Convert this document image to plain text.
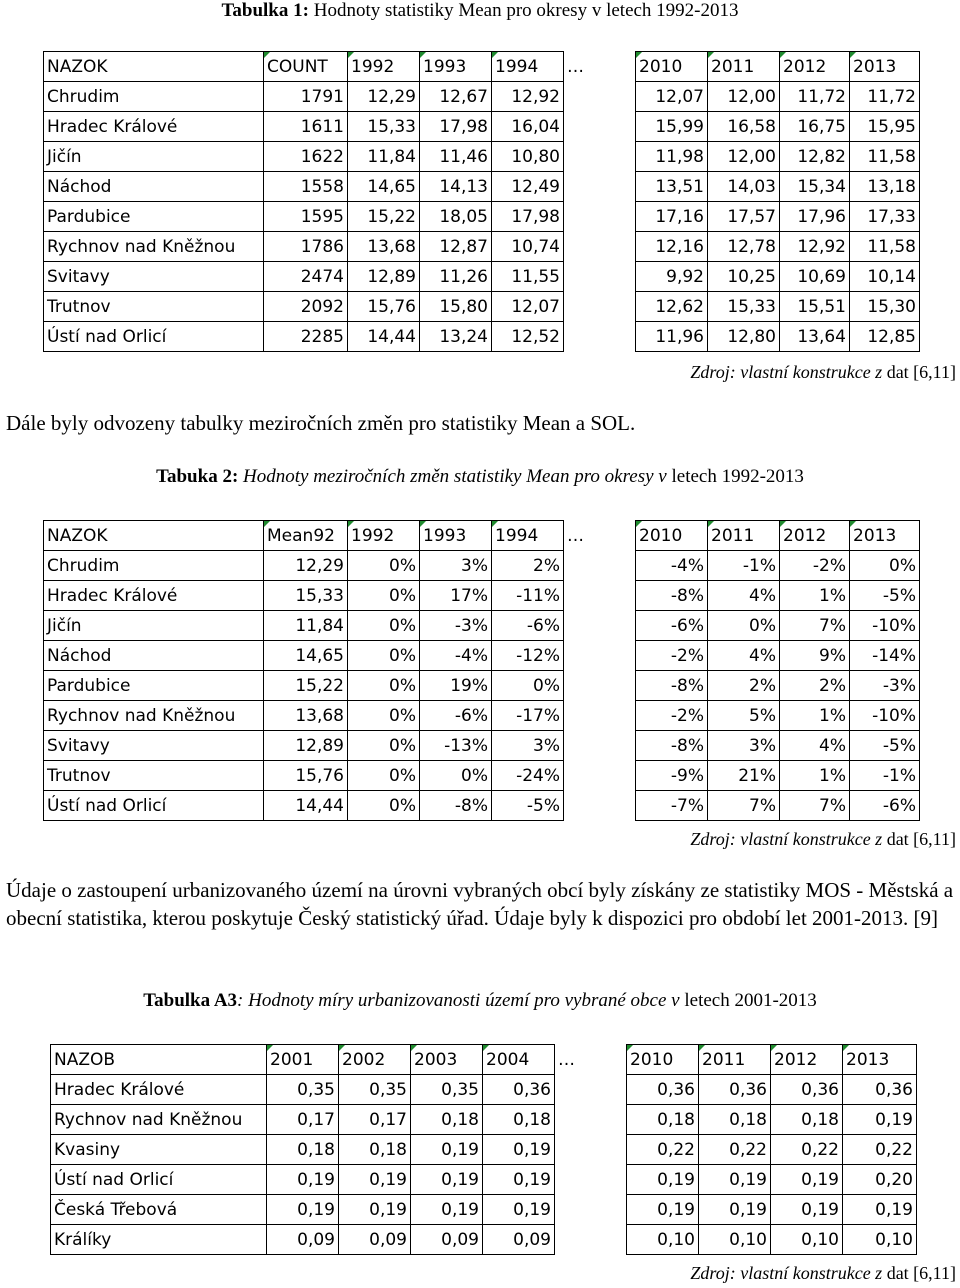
Tabulka 1: Hodnoty statistiky Mean pro okresy v letech 1992-2013
NAZOK	COUNT	1992	1993	1994	…	2010	2011	2012	2013
Chrudim	1791	12,29	12,67	12,92		12,07	12,00	11,72	11,72
Hradec Králové	1611	15,33	17,98	16,04		15,99	16,58	16,75	15,95
Jičín	1622	11,84	11,46	10,80		11,98	12,00	12,82	11,58
Náchod	1558	14,65	14,13	12,49		13,51	14,03	15,34	13,18
Pardubice	1595	15,22	18,05	17,98		17,16	17,57	17,96	17,33
Rychnov nad Kněžnou	1786	13,68	12,87	10,74		12,16	12,78	12,92	11,58
Svitavy	2474	12,89	11,26	11,55		9,92	10,25	10,69	10,14
Trutnov	2092	15,76	15,80	12,07		12,62	15,33	15,51	15,30
Ústí nad Orlicí	2285	14,44	13,24	12,52		11,96	12,80	13,64	12,85
Zdroj: vlastní konstrukce z dat [6,11]
Dále byly odvozeny tabulky meziročních změn pro statistiky Mean a SOL.
Tabuka 2: Hodnoty meziročních změn statistiky Mean pro okresy v letech 1992-2013
NAZOK	Mean92	1992	1993	1994	…	2010	2011	2012	2013
Chrudim	12,29	0%	3%	2%		-4%	-1%	-2%	0%
Hradec Králové	15,33	0%	17%	-11%		-8%	4%	1%	-5%
Jičín	11,84	0%	-3%	-6%		-6%	0%	7%	-10%
Náchod	14,65	0%	-4%	-12%		-2%	4%	9%	-14%
Pardubice	15,22	0%	19%	0%		-8%	2%	2%	-3%
Rychnov nad Kněžnou	13,68	0%	-6%	-17%		-2%	5%	1%	-10%
Svitavy	12,89	0%	-13%	3%		-8%	3%	4%	-5%
Trutnov	15,76	0%	0%	-24%		-9%	21%	1%	-1%
Ústí nad Orlicí	14,44	0%	-8%	-5%		-7%	7%	7%	-6%
Zdroj: vlastní konstrukce z dat [6,11]
Údaje o zastoupení urbanizovaného území na úrovni vybraných obcí byly získány ze statistiky MOS - Městská a obecní statistika, kterou poskytuje Český statistický úřad. Údaje byly k dispozici pro období let 2001-2013. [9]
Tabulka A3: Hodnoty míry urbanizovanosti území pro vybrané obce v letech 2001-2013
NAZOB	2001	2002	2003	2004	…	2010	2011	2012	2013
Hradec Králové	0,35	0,35	0,35	0,36		0,36	0,36	0,36	0,36
Rychnov nad Kněžnou	0,17	0,17	0,18	0,18		0,18	0,18	0,18	0,19
Kvasiny	0,18	0,18	0,19	0,19		0,22	0,22	0,22	0,22
Ústí nad Orlicí	0,19	0,19	0,19	0,19		0,19	0,19	0,19	0,20
Česká Třebová	0,19	0,19	0,19	0,19		0,19	0,19	0,19	0,19
Králíky	0,09	0,09	0,09	0,09		0,10	0,10	0,10	0,10
Zdroj: vlastní konstrukce z dat [6,11]
